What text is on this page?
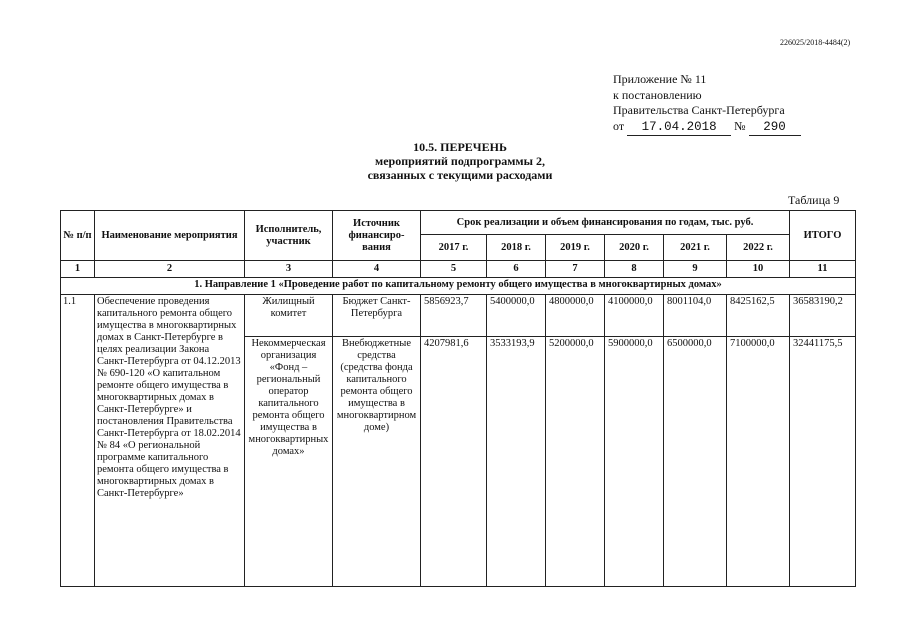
226025/2018-4484(2)
Приложение № 11
к постановлению
Правительства Санкт-Петербурга
от 17.04.2018 № 290
10.5. ПЕРЕЧЕНЬ
мероприятий подпрограммы 2,
связанных с текущими расходами
Таблица 9
№ п/п	Наименование мероприятия	Исполнитель, участник	Источник финансиро-вания	Срок реализации и объем финансирования по годам, тыс. руб.						ИТОГО
				2017 г.	2018 г.	2019 г.	2020 г.	2021 г.	2022 г.	
1	2	3	4	5	6	7	8	9	10	11
1. Направление 1 «Проведение работ по капитальному ремонту общего имущества в многоквартирных домах»										
1.1	Обеспечение проведения капитального ремонта общего имущества в многоквартирных домах в Санкт-Петербурге в целях реализации Закона Санкт-Петербурга от 04.12.2013 № 690-120 «О капитальном ремонте общего имущества в многоквартирных домах в Санкт-Петербурге» и постановления Правительства Санкт-Петербурга от 18.02.2014 № 84 «О региональной программе капитального ремонта общего имущества в многоквартирных домах в Санкт-Петербурге»	Жилищный комитет	Бюджет Санкт-Петербурга	5856923,7	5400000,0	4800000,0	4100000,0	8001104,0	8425162,5	36583190,2
		Некоммерческая организация «Фонд – региональный оператор капитального ремонта общего имущества в многоквартирных домах»	Внебюджетные средства (средства фонда капитального ремонта общего имущества в многоквартирном доме)	4207981,6	3533193,9	5200000,0	5900000,0	6500000,0	7100000,0	32441175,5
